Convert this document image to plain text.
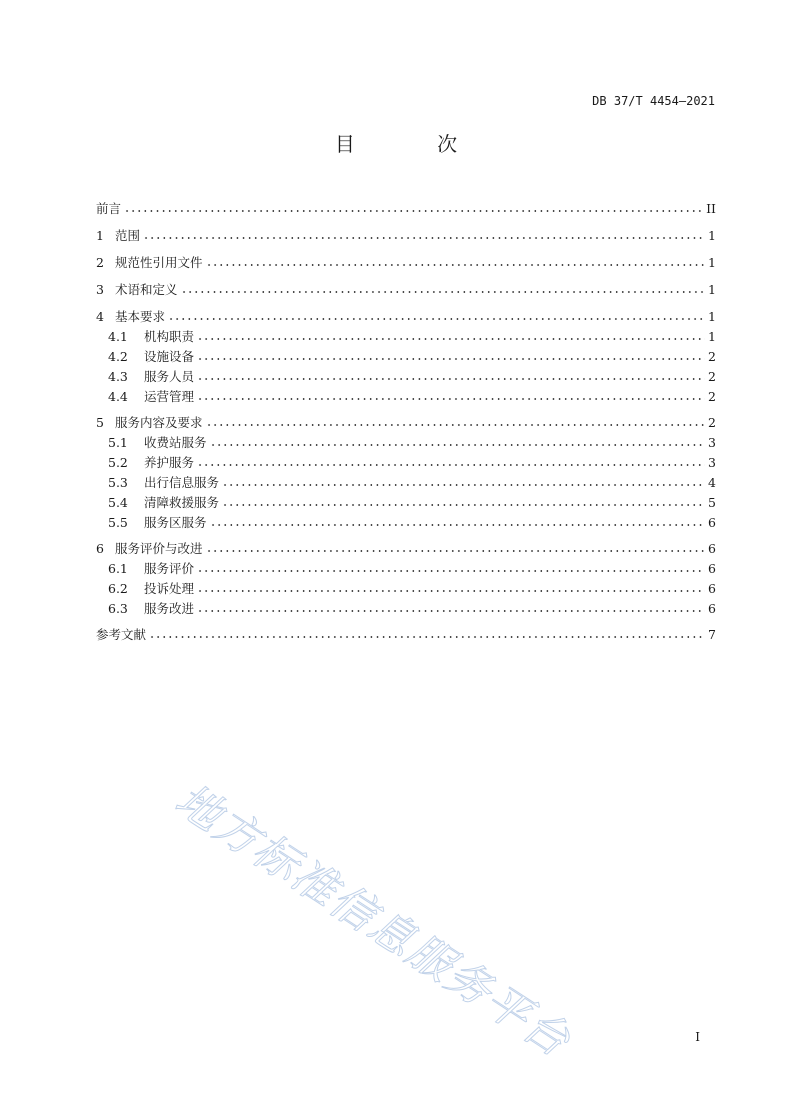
DB 37/T 4454—2021
目 次
前言	II
1 范围	1
2 规范性引用文件	1
3 术语和定义	1
4 基本要求	1
4.1	机构职责	1
4.2	设施设备	2
4.3	服务人员	2
4.4	运营管理	2
5 服务内容及要求	2
5.1	收费站服务	3
5.2	养护服务	3
5.3	出行信息服务	4
5.4	清障救援服务	5
5.5	服务区服务	6
6 服务评价与改进	6
6.1	服务评价	6
6.2	投诉处理	6
6.3	服务改进	6
参考文献	7
地方标准信息服务平台	I
